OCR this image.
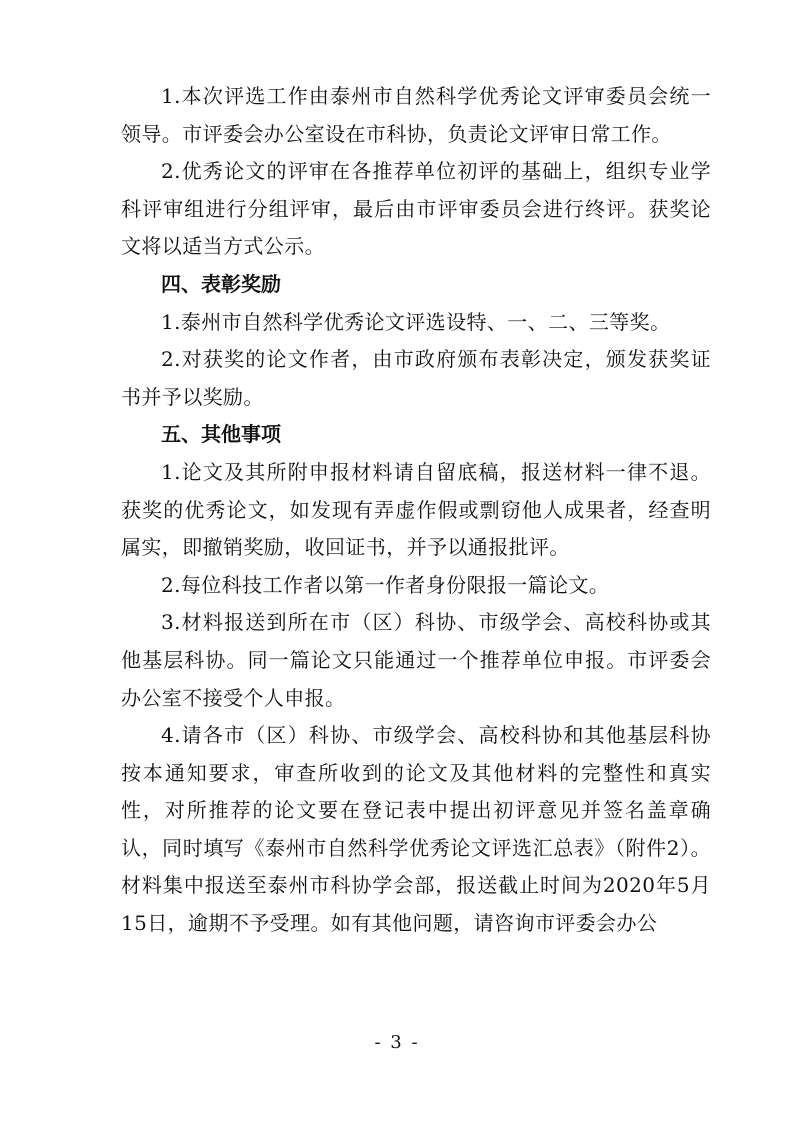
1.本次评选工作由泰州市自然科学优秀论文评审委员会统一领导。市评委会办公室设在市科协，负责论文评审日常工作。

2.优秀论文的评审在各推荐单位初评的基础上，组织专业学科评审组进行分组评审，最后由市评审委员会进行终评。获奖论文将以适当方式公示。

四、表彰奖励

1.泰州市自然科学优秀论文评选设特、一、二、三等奖。

2.对获奖的论文作者，由市政府颁布表彰决定，颁发获奖证书并予以奖励。

五、其他事项

1.论文及其所附申报材料请自留底稿，报送材料一律不退。获奖的优秀论文，如发现有弄虚作假或剽窃他人成果者，经查明属实，即撤销奖励，收回证书，并予以通报批评。

2.每位科技工作者以第一作者身份限报一篇论文。

3.材料报送到所在市（区）科协、市级学会、高校科协或其他基层科协。同一篇论文只能通过一个推荐单位申报。市评委会办公室不接受个人申报。

4.请各市（区）科协、市级学会、高校科协和其他基层科协按本通知要求，审查所收到的论文及其他材料的完整性和真实性，对所推荐的论文要在登记表中提出初评意见并签名盖章确认，同时填写《泰州市自然科学优秀论文评选汇总表》（附件2）。材料集中报送至泰州市科协学会部，报送截止时间为2020年5月15日，逾期不予受理。如有其他问题，请咨询市评委会办公

- 3 -
